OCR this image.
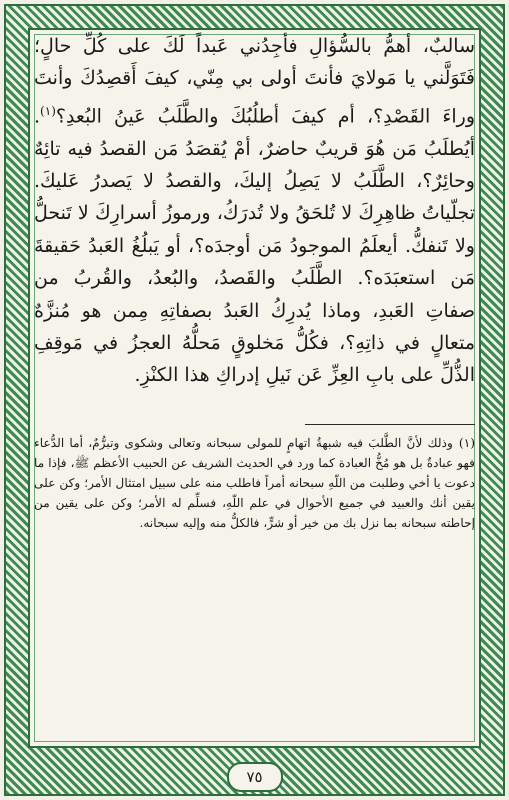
سالبٌ، أهمُّ بالسُّؤالِ فأجِدُني عَبداً لَكَ على كُلِّ حالٍ؛ فَتَوَلَّني يا مَولايَ فأنتَ أولى بي مِنّي، كيفَ أَقصِدُكَ وأنتَ وراءَ القَصْدِ؟، أم كيفَ أطلُبُكَ والطَّلَبُ عَينُ البُعدِ؟$^{(١)}$. أيُطلَبُ مَن هُوَ قريبٌ حاضرٌ، أمْ يُقصَدُ مَن القصدُ فيه تائِهٌ وحائِرٌ؟، الطَّلَبُ لا يَصِلُ إليكَ، والقصدُ لا يَصدرُ عَليكَ. تجلّياتُ ظاهِرِكَ لا تُلحَقُ ولا تُدرَكُ، ورموزُ أسرارِكَ لا تَنحلُّ ولا تَنفكُّ. أيعلَمُ الموجودُ مَن أوجدَه؟، أو يَبلُغُ العَبدُ حَقيقةَ مَن استعبَدَه؟. الطَّلَبُ والقَصدُ، والبُعدُ، والقُربُ من صفاتِ العَبدِ، وماذا يُدرِكُ العَبدُ بصفاتِهِ مِمن هو مُنزَّهٌ متعالٍ في ذاتِهِ؟، فكُلُّ مَخلوقٍ مَحلُّهُ العجزُ في مَوقِفِ الذُّلِّ على بابِ العِزِّ عَن نَيلِ إدراكِ هذا الكنْزِ.

(١)وذلك لأنَّ الطَّلبَ فيه شبهةُ اتهامٍ للمولى سبحانه وتعالى وشكوى وتبرُّمٌ، أما الدُّعاء فهو عبادةٌ بل هو مُخُّ العبادة كما ورد في الحديث الشريف عن الحبيب الأعظم ﷺ، فإذا ما دعوت يا أخي وطلبت من اللّهِ سبحانه أمراً فاطلب منه على سبيل امتثال الأمر؛ وكن على يقين أنك والعبيد في جميع الأحوال في علم اللّهِ، فسلِّم له الأمر؛ وكن على يقين من إحاطته سبحانه بما نزل بك من خير أو شرٍّ، فالكلُّ منه وإليه سبحانه.

٧٥
